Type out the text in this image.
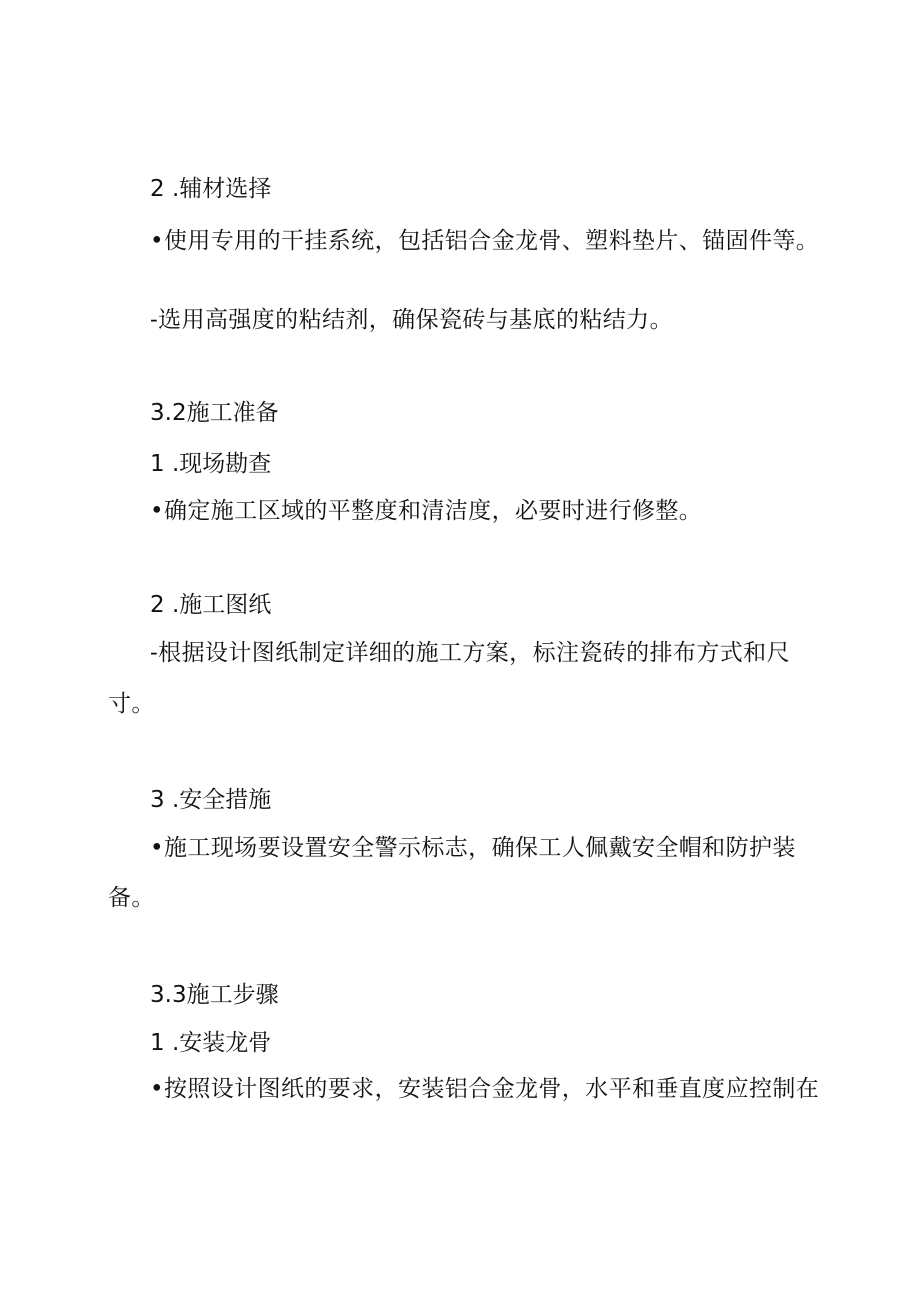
2 .辅材选择
•使用专用的干挂系统，包括铝合金龙骨、塑料垫片、锚固件等。
-选用高强度的粘结剂，确保瓷砖与基底的粘结力。
3.2施工准备
1 .现场勘查
•确定施工区域的平整度和清洁度，必要时进行修整。
2 .施工图纸
-根据设计图纸制定详细的施工方案，标注瓷砖的排布方式和尺
寸。
3 .安全措施
•施工现场要设置安全警示标志，确保工人佩戴安全帽和防护装
备。
3.3施工步骤
1 .安装龙骨
•按照设计图纸的要求，安装铝合金龙骨，水平和垂直度应控制在
